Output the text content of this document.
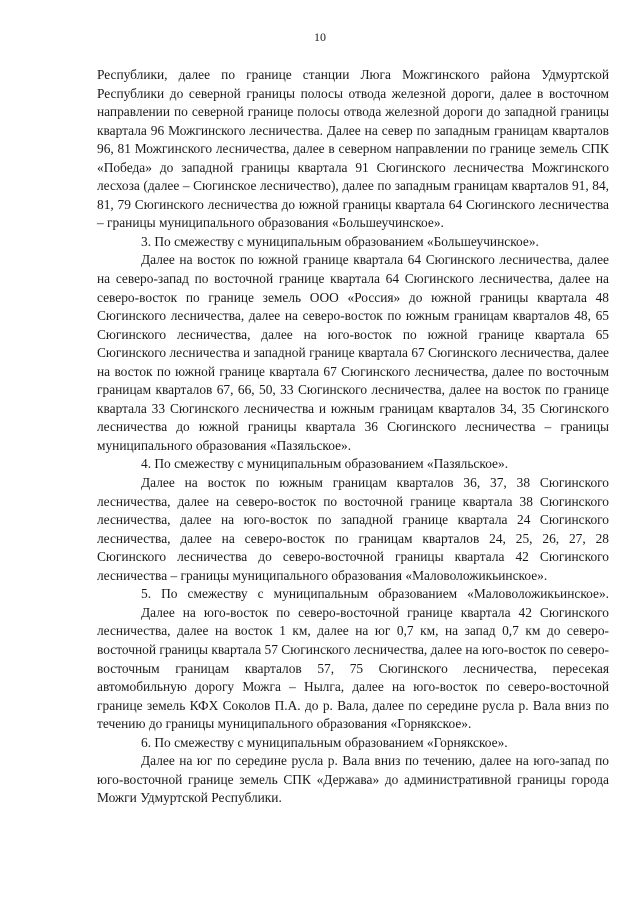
10

Республики, далее по границе станции Люга Можгинского района Удмуртской Республики до северной границы полосы отвода железной дороги, далее в восточном направлении по северной границе полосы отвода железной дороги до западной границы квартала 96 Можгинского лесничества. Далее на север по западным границам кварталов 96, 81 Можгинского лесничества, далее в северном направлении по границе земель СПК «Победа» до западной границы квартала 91 Сюгинского лесничества Можгинского лесхоза (далее – Сюгинское лесничество), далее по западным границам кварталов 91, 84, 81, 79 Сюгинского лесничества до южной границы квартала 64 Сюгинского лесничества – границы муниципального образования «Большеучинское».

3. По смежеству с муниципальным образованием «Большеучинское».

Далее на восток по южной границе квартала 64 Сюгинского лесничества, далее на северо-запад по восточной границе квартала 64 Сюгинского лесничества, далее на северо-восток по границе земель ООО «Россия» до южной границы квартала 48 Сюгинского лесничества, далее на северо-восток по южным границам кварталов 48, 65 Сюгинского лесничества, далее на юго-восток по южной границе квартала 65 Сюгинского лесничества и западной границе квартала 67 Сюгинского лесничества, далее на восток по южной границе квартала 67 Сюгинского лесничества, далее по восточным границам кварталов 67, 66, 50, 33 Сюгинского лесничества, далее на восток по границе квартала 33 Сюгинского лесничества и южным границам кварталов 34, 35 Сюгинского лесничества до южной границы квартала 36 Сюгинского лесничества – границы муниципального образования «Пазяльское».

4. По смежеству с муниципальным образованием «Пазяльское».

Далее на восток по южным границам кварталов 36, 37, 38 Сюгинского лесничества, далее на северо-восток по восточной границе квартала 38 Сюгинского лесничества, далее на юго-восток по западной границе квартала 24 Сюгинского лесничества, далее на северо-восток по границам кварталов 24, 25, 26, 27, 28 Сюгинского лесничества до северо-восточной границы квартала 42 Сюгинского лесничества – границы муниципального образования «Маловоложикьинское».

5. По смежеству с муниципальным образованием «Маловоложикьинское».

Далее на юго-восток по северо-восточной границе квартала 42 Сюгинского лесничества, далее на восток 1 км, далее на юг 0,7 км, на запад 0,7 км до северо-восточной границы квартала 57 Сюгинского лесничества, далее на юго-восток по северо-восточным границам кварталов 57, 75 Сюгинского лесничества, пересекая автомобильную дорогу Можга – Нылга, далее на юго-восток по северо-восточной границе земель КФХ Соколов П.А. до р. Вала, далее по середине русла р. Вала вниз по течению до границы муниципального образования «Горнякское».

6. По смежеству с муниципальным образованием «Горнякское».

Далее на юг по середине русла р. Вала вниз по течению, далее на юго-запад по юго-восточной границе земель СПК «Держава» до административной границы города Можги Удмуртской Республики.
